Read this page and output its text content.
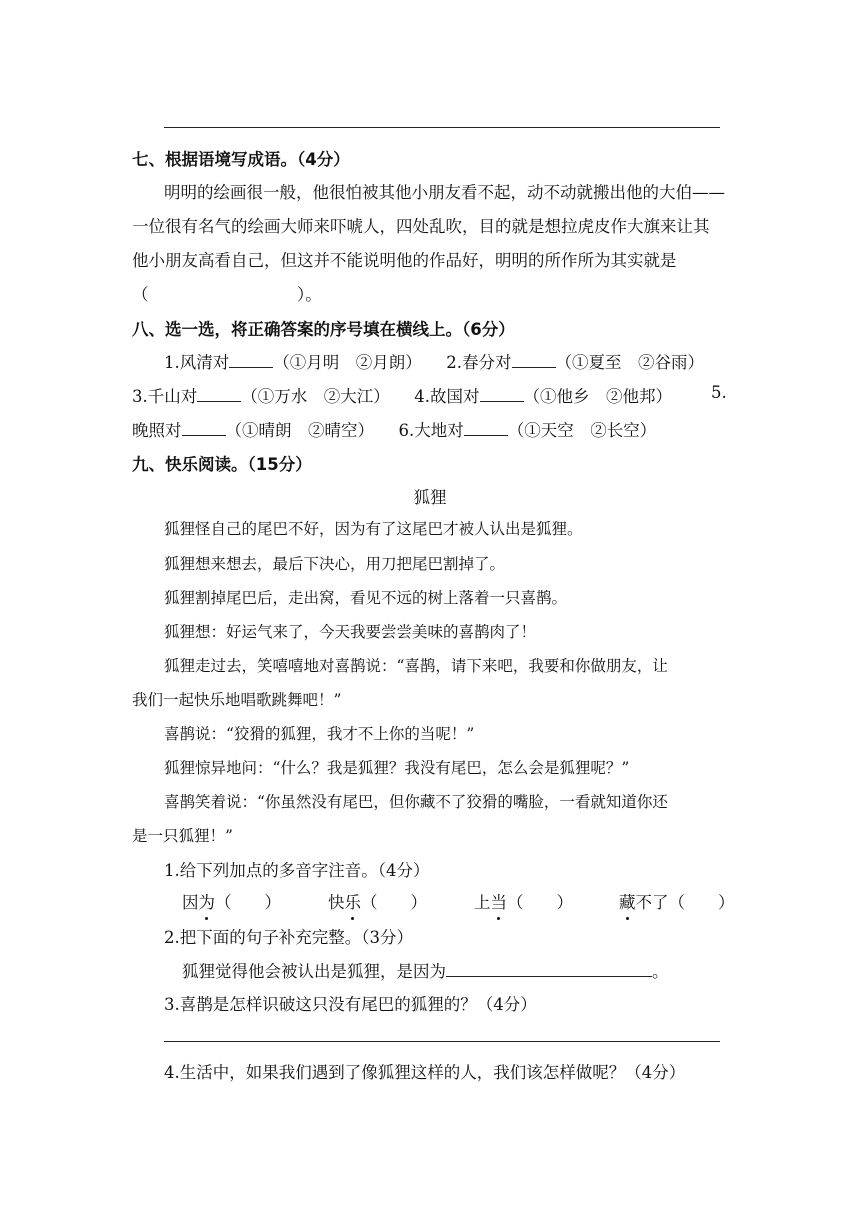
七、根据语境写成语。（4分）
明明的绘画很一般，他很怕被其他小朋友看不起，动不动就搬出他的大伯——
一位很有名气的绘画大师来吓唬人，四处乱吹，目的就是想拉虎皮作大旗来让其
他小朋友高看自己，但这并不能说明他的作品好，明明的所作所为其实就是
（　　　　　　　　　）。
八、选一选，将正确答案的序号填在横线上。（6分）
1.风清对	（①月明　②月朗） 2.春分对	（①夏至　②谷雨）
3.千山对	（①万水　②大江） 4.故国对	（①他乡　②他邦） 5.
晚照对	（①晴朗　②晴空） 6.大地对	（①天空　②长空）
九、快乐阅读。（15分）
狐狸
狐狸怪自己的尾巴不好，因为有了这尾巴才被人认出是狐狸。
狐狸想来想去，最后下决心，用刀把尾巴割掉了。
狐狸割掉尾巴后，走出窝，看见不远的树上落着一只喜鹊。
狐狸想：好运气来了，今天我要尝尝美味的喜鹊肉了！
狐狸走过去，笑嘻嘻地对喜鹊说：“喜鹊，请下来吧，我要和你做朋友，让
我们一起快乐地唱歌跳舞吧！”
喜鹊说：“狡猾的狐狸，我才不上你的当呢！”
狐狸惊异地问：“什么？我是狐狸？我没有尾巴，怎么会是狐狸呢？”
喜鹊笑着说：“你虽然没有尾巴，但你藏不了狡猾的嘴脸，一看就知道你还
是一只狐狸！”
1.给下列加点的多音字注音。（4分）
因为（　　）	快乐（　　）	上当（　　）	藏不了（　　）
2.把下面的句子补充完整。（3分）
狐狸觉得他会被认出是狐狸，是因为	。
3.喜鹊是怎样识破这只没有尾巴的狐狸的？（4分）
4.生活中，如果我们遇到了像狐狸这样的人，我们该怎样做呢？（4分）
